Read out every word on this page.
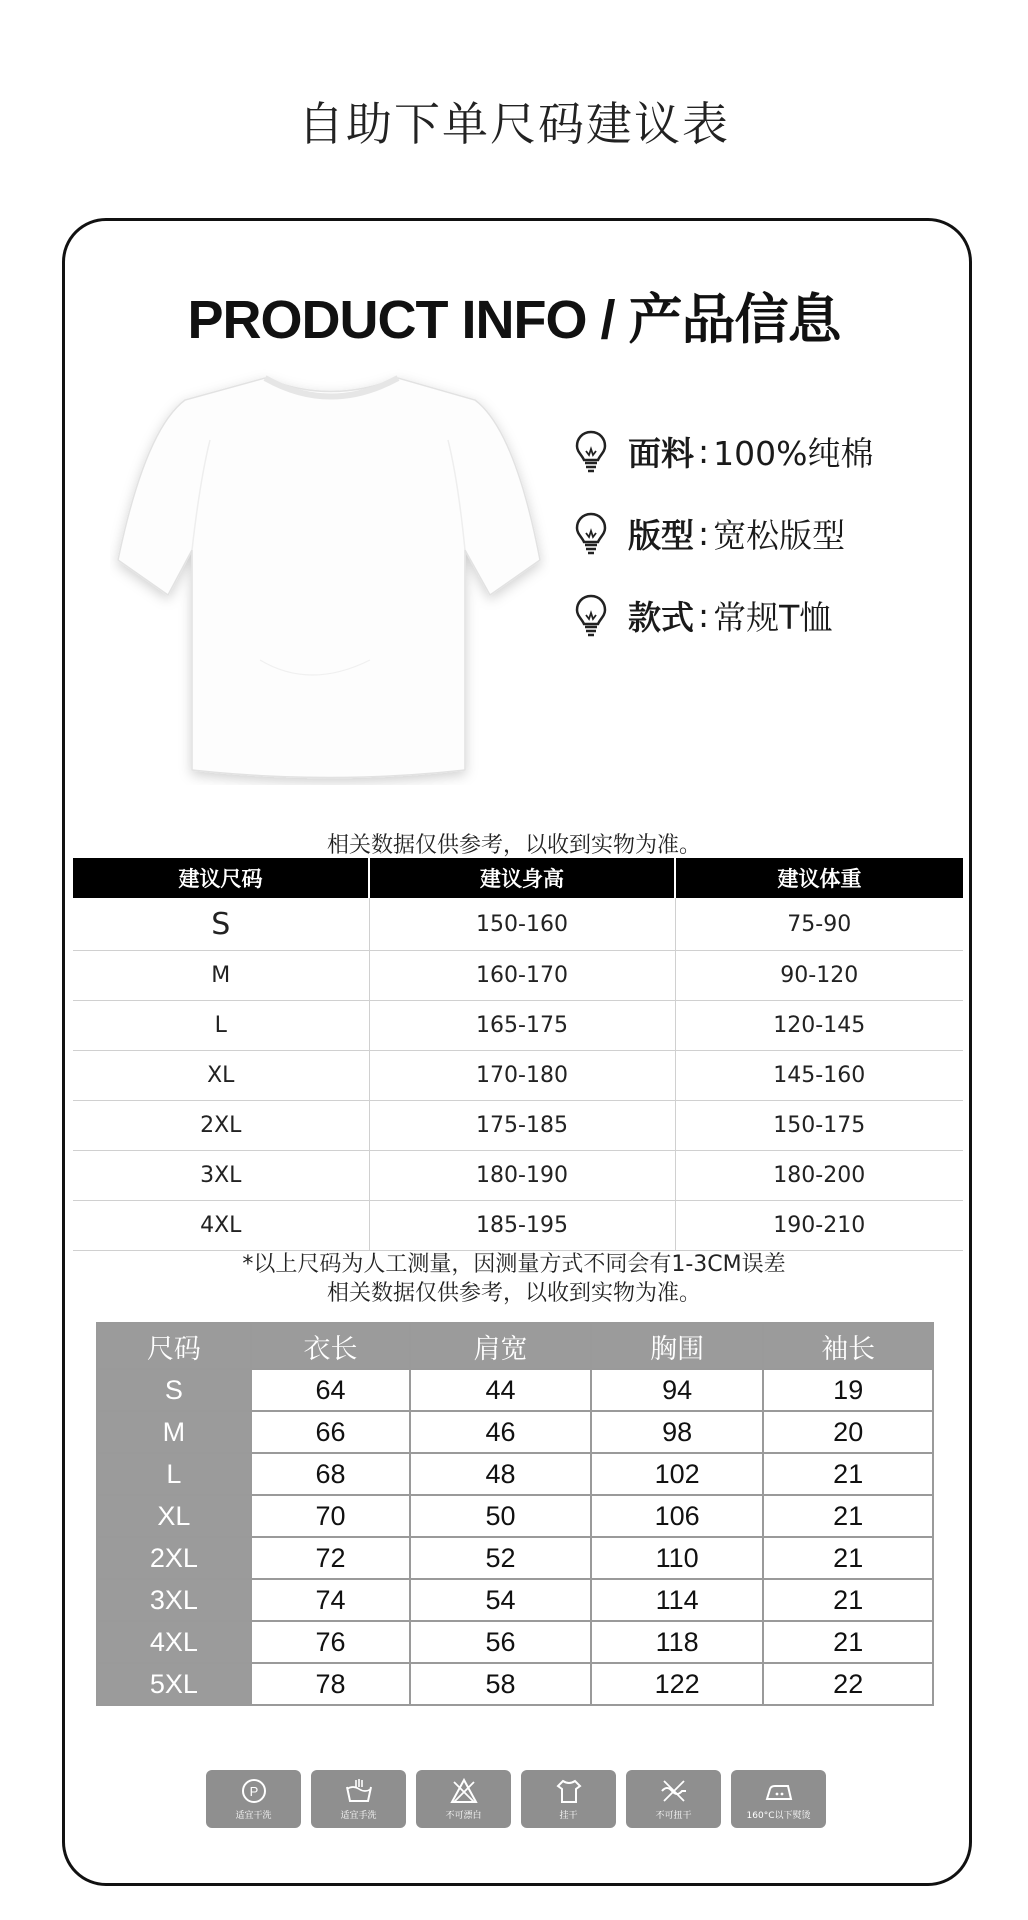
自助下单尺码建议表
PRODUCT INFO / 产品信息
面料 : 100%纯棉
版型 : 宽松版型
款式 : 常规T恤
相关数据仅供参考，以收到实物为准。
建议尺码	建议身高	建议体重
S	150-160	75-90
M	160-170	90-120
L	165-175	120-145
XL	170-180	145-160
2XL	175-185	150-175
3XL	180-190	180-200
4XL	185-195	190-210
*以上尺码为人工测量，因测量方式不同会有1-3CM误差
相关数据仅供参考，以收到实物为准。
尺码	衣长	肩宽	胸围	袖长
S	64	44	94	19
M	66	46	98	20
L	68	48	102	21
XL	70	50	106	21
2XL	72	52	110	21
3XL	74	54	114	21
4XL	76	56	118	21
5XL	78	58	122	22
P
适宜干洗	适宜手洗	不可漂白	挂干	不可扭干	160°C以下熨烫
